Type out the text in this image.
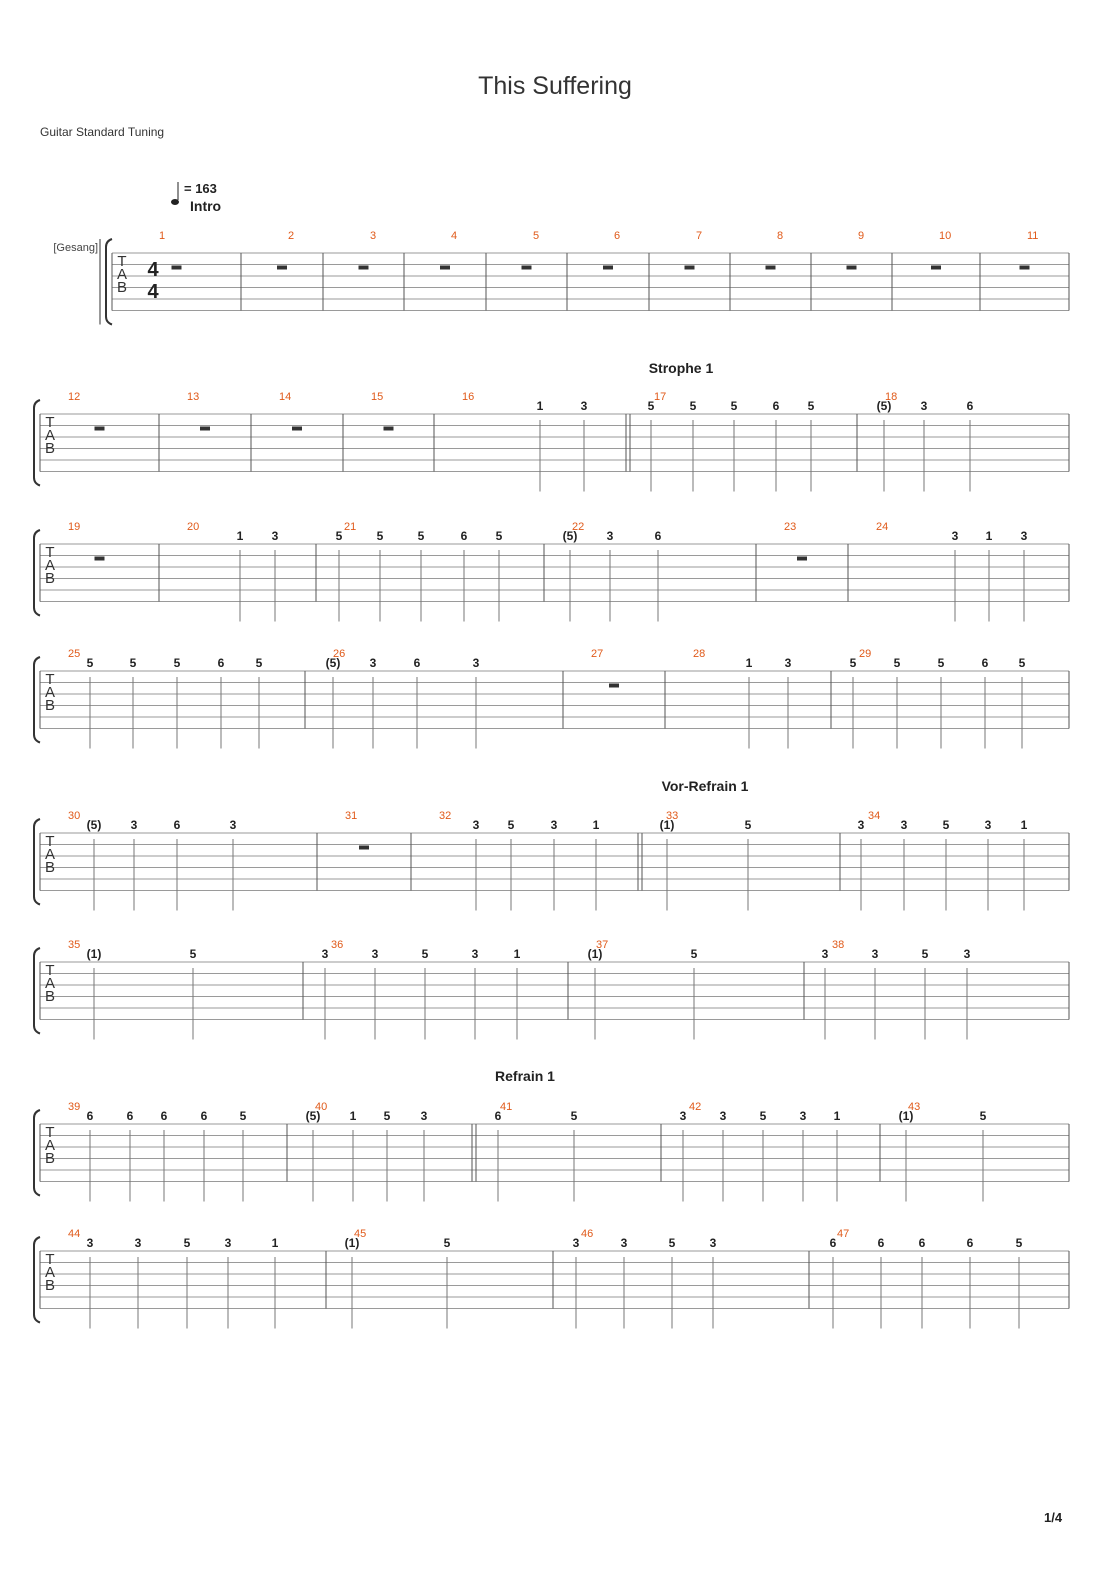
This Suffering
Guitar Standard Tuning
1/4
[Gesang]
T
A
B
4
4
= 163
Intro
1	2	3	4	5	6	7	8	9	10	11
T
A
B
Strophe 1
12	13	14	15	16
1	3
17
5	5	5	6 5
18
(5) 3	6
T
A
B
19	20
1 3
21
5	5	5	6 5
22
(5) 3	6
23	24
3 1 3
T
A
B
25
5	5	5	6	5
26
(5) 3	6	3
27	28
1	3
29
5	5	5	6	5
T
A
B
Vor-Refrain 1
30
(5) 3	6	3
31	32
3 5	3	1
33
(1)	5
34
3	3	5	3 1
T
A
B
35
(1)	5
36
3	3	5	3	1
37
(1)	5
38
3	3	5	3
T
A
B
Refrain 1
39
6	6 6	6	5
40
(5) 1 5	3
41
6	5
42
3	3	5	3 1
43
(1)	5
T
A
B
44
3	3	5	3	1
45
(1)	5
46
3	3	5	3
47
6	6	6	6	5
